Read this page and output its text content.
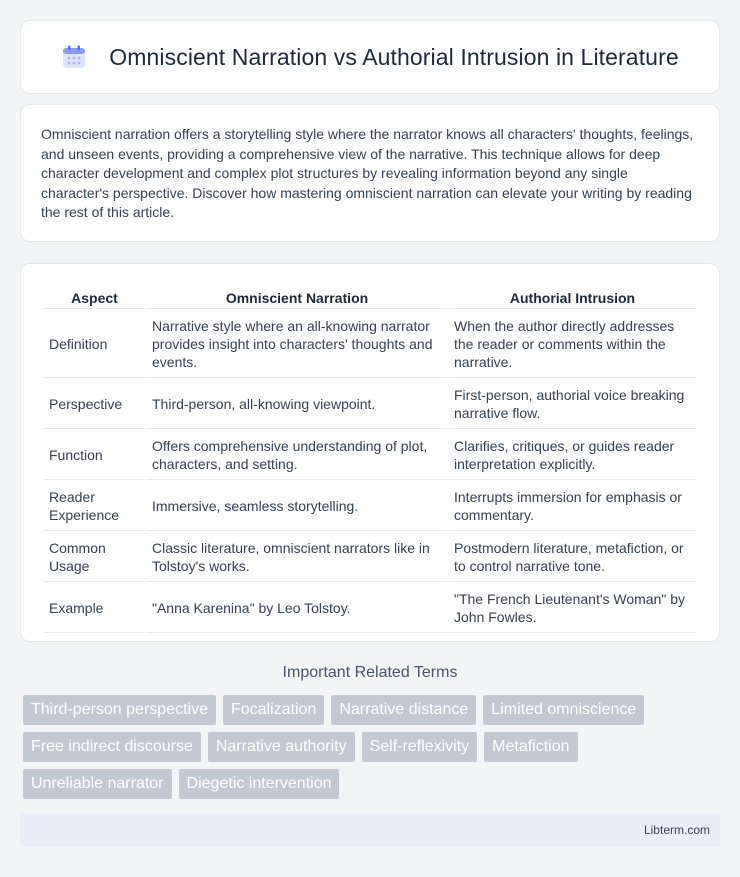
Omniscient Narration vs Authorial Intrusion in Literature

Omniscient narration offers a storytelling style where the narrator knows all characters' thoughts, feelings, and unseen events, providing a comprehensive view of the narrative. This technique allows for deep character development and complex plot structures by revealing information beyond any single character's perspective. Discover how mastering omniscient narration can elevate your writing by reading the rest of this article.

Aspect	Omniscient Narration	Authorial Intrusion
Definition	Narrative style where an all-knowing narrator provides insight into characters' thoughts and events.	When the author directly addresses the reader or comments within the narrative.
Perspective	Third-person, all-knowing viewpoint.	First-person, authorial voice breaking narrative flow.
Function	Offers comprehensive understanding of plot, characters, and setting.	Clarifies, critiques, or guides reader interpretation explicitly.
Reader Experience	Immersive, seamless storytelling.	Interrupts immersion for emphasis or commentary.
Common Usage	Classic literature, omniscient narrators like in Tolstoy's works.	Postmodern literature, metafiction, or to control narrative tone.
Example	"Anna Karenina" by Leo Tolstoy.	"The French Lieutenant's Woman" by John Fowles.
Important Related Terms
Third-person perspective	Focalization	Narrative distance	Limited omniscience
Free indirect discourse	Narrative authority	Self-reflexivity	Metafiction
Unreliable narrator	Diegetic intervention
Libterm.com
